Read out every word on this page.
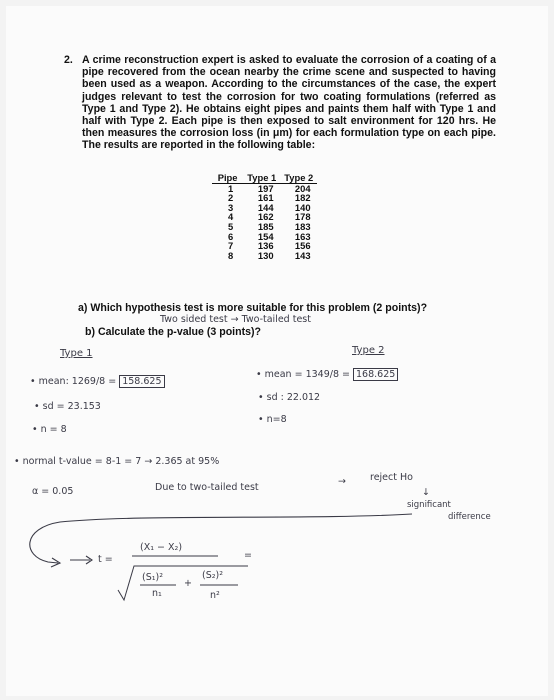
2. A crime reconstruction expert is asked to evaluate the corrosion of a coating of a pipe recovered from the ocean nearby the crime scene and suspected to having been used as a weapon. According to the circumstances of the case, the expert judges relevant to test the corrosion for two coating formulations (referred as Type 1 and Type 2). He obtains eight pipes and paints them half with Type 1 and half with Type 2. Each pipe is then exposed to salt environment for 120 hrs. He then measures the corrosion loss (in μm) for each formulation type on each pipe. The results are reported in the following table:
Pipe	Type 1	Type 2
1	197	204
2	161	182
3	144	140
4	162	178
5	185	183
6	154	163
7	136	156
8	130	143
a) Which hypothesis test is more suitable for this problem (2 points)?
Two sided test → Two-tailed test
b) Calculate the p-value (3 points)?
Type 1	Type 2
• mean: 1269/8 = 158.625
• sd = 23.153
• n = 8
• mean = 1349/8 = 168.625
• sd : 22.012
• n=8
• normal t-value = 8-1 = 7 → 2.365 at 95%
α = 0.05	Due to two-tailed test
→	reject Ho
↓
significant
difference
t =
(X₁ − X₂)
(S₁)²
n₁
+
(S₂)²
n²
=
